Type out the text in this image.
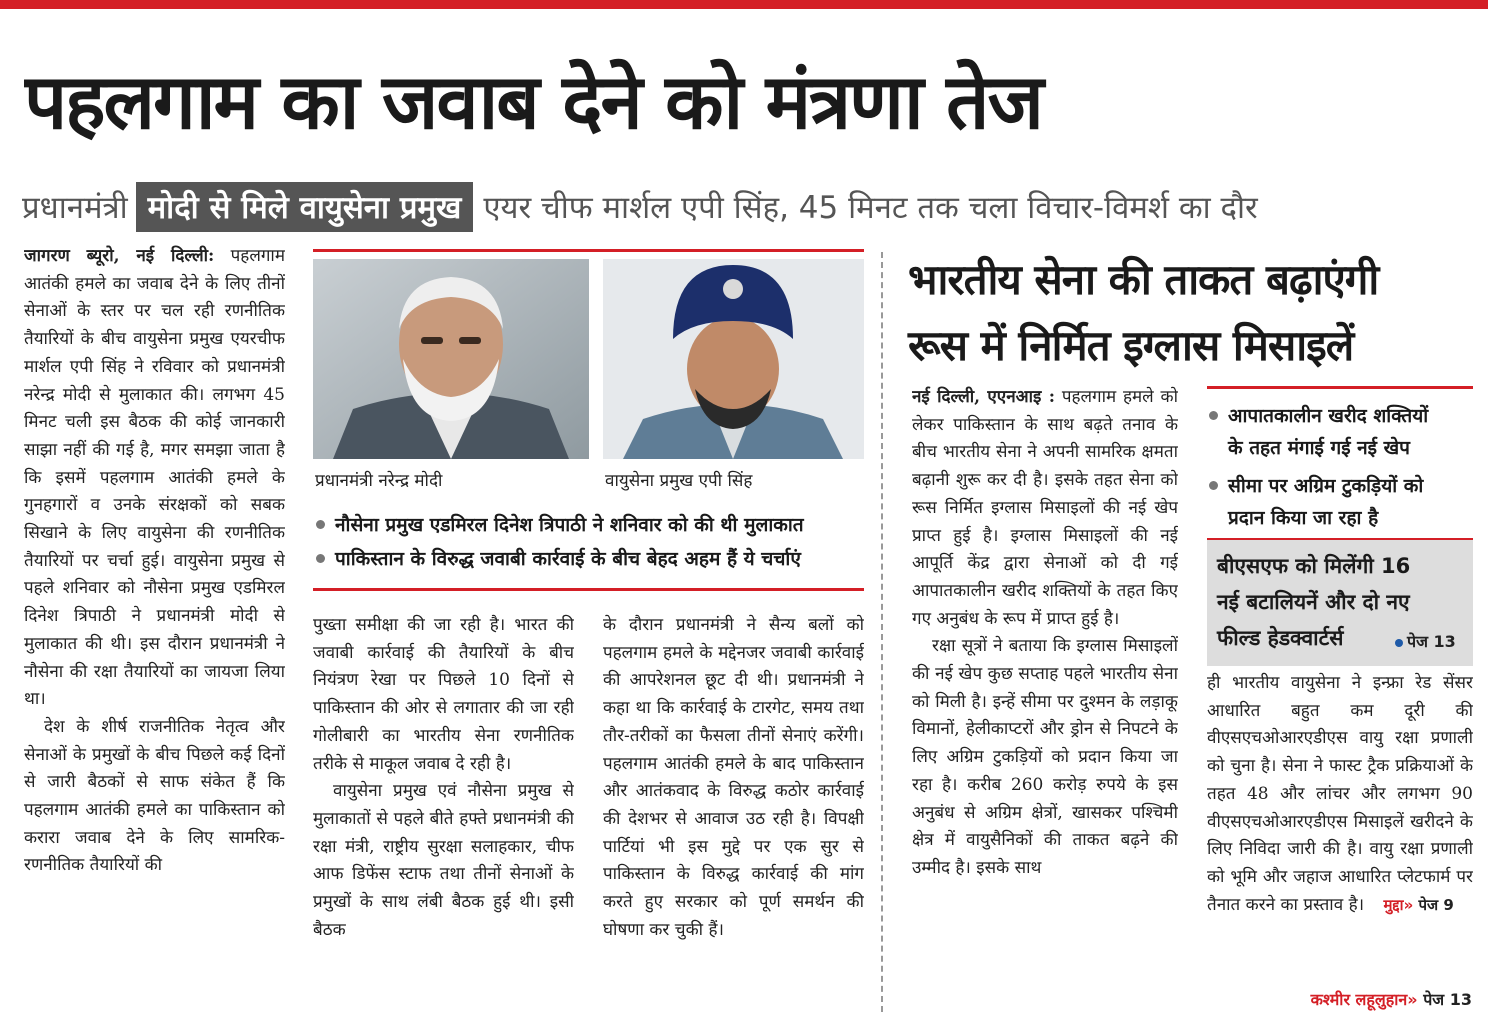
पहलगाम का जवाब देने को मंत्रणा तेज
प्रधानमंत्री मोदी से मिले वायुसेना प्रमुख एयर चीफ मार्शल एपी सिंह, 45 मिनट तक चला विचार-विमर्श का दौर

जागरण ब्यूरो, नई दिल्ली: पहलगाम आतंकी हमले का जवाब देने के लिए तीनों सेनाओं के स्तर पर चल रही रणनीतिक तैयारियों के बीच वायुसेना प्रमुख एयरचीफ मार्शल एपी सिंह ने रविवार को प्रधानमंत्री नरेन्द्र मोदी से मुलाकात की। लगभग 45 मिनट चली इस बैठक की कोई जानकारी साझा नहीं की गई है, मगर समझा जाता है कि इसमें पहलगाम आतंकी हमले के गुनहगारों व उनके संरक्षकों को सबक सिखाने के लिए वायुसेना की रणनीतिक तैयारियों पर चर्चा हुई। वायुसेना प्रमुख से पहले शनिवार को नौसेना प्रमुख एडमिरल दिनेश त्रिपाठी ने प्रधानमंत्री मोदी से मुलाकात की थी। इस दौरान प्रधानमंत्री ने नौसेना की रक्षा तैयारियों का जायजा लिया था।

देश के शीर्ष राजनीतिक नेतृत्व और सेनाओं के प्रमुखों के बीच पिछले कई दिनों से जारी बैठकों से साफ संकेत हैं कि पहलगाम आतंकी हमले का पाकिस्तान को करारा जवाब देने के लिए सामरिक-रणनीतिक तैयारियों की

प्रधानमंत्री नरेन्द्र मोदी	वायुसेना प्रमुख एपी सिंह
नौसेना प्रमुख एडमिरल दिनेश त्रिपाठी ने शनिवार को की थी मुलाकात
पाकिस्तान के विरुद्ध जवाबी कार्रवाई के बीच बेहद अहम हैं ये चर्चाएं

पुख्ता समीक्षा की जा रही है। भारत की जवाबी कार्रवाई की तैयारियों के बीच नियंत्रण रेखा पर पिछले 10 दिनों से पाकिस्तान की ओर से लगातार की जा रही गोलीबारी का भारतीय सेना रणनीतिक तरीके से माकूल जवाब दे रही है।

वायुसेना प्रमुख एवं नौसेना प्रमुख से मुलाकातों से पहले बीते हफ्ते प्रधानमंत्री की रक्षा मंत्री, राष्ट्रीय सुरक्षा सलाहकार, चीफ आफ डिफेंस स्टाफ तथा तीनों सेनाओं के प्रमुखों के साथ लंबी बैठक हुई थी। इसी बैठक

के दौरान प्रधानमंत्री ने सैन्य बलों को पहलगाम हमले के मद्देनजर जवाबी कार्रवाई की आपरेशनल छूट दी थी। प्रधानमंत्री ने कहा था कि कार्रवाई के टारगेट, समय तथा तौर-तरीकों का फैसला तीनों सेनाएं करेंगी। पहलगाम आतंकी हमले के बाद पाकिस्तान और आतंकवाद के विरुद्ध कठोर कार्रवाई की देशभर से आवाज उठ रही है। विपक्षी पार्टियां भी इस मुद्दे पर एक सुर से पाकिस्तान के विरुद्ध कार्रवाई की मांग करते हुए सरकार को पूर्ण समर्थन की घोषणा कर चुकी हैं।

भारतीय सेना की ताकत बढ़ाएंगी
रूस में निर्मित इग्लास मिसाइलें

नई दिल्ली, एएनआइ : पहलगाम हमले को लेकर पाकिस्तान के साथ बढ़ते तनाव के बीच भारतीय सेना ने अपनी सामरिक क्षमता बढ़ानी शुरू कर दी है। इसके तहत सेना को रूस निर्मित इग्लास मिसाइलों की नई खेप प्राप्त हुई है। इग्लास मिसाइलों की नई आपूर्ति केंद्र द्वारा सेनाओं को दी गई आपातकालीन खरीद शक्तियों के तहत किए गए अनुबंध के रूप में प्राप्त हुई है।

रक्षा सूत्रों ने बताया कि इग्लास मिसाइलों की नई खेप कुछ सप्ताह पहले भारतीय सेना को मिली है। इन्हें सीमा पर दुश्मन के लड़ाकू विमानों, हेलीकाप्टरों और ड्रोन से निपटने के लिए अग्रिम टुकड़ियों को प्रदान किया जा रहा है। करीब 260 करोड़ रुपये के इस अनुबंध से अग्रिम क्षेत्रों, खासकर पश्चिमी क्षेत्र में वायुसैनिकों की ताकत बढ़ने की उम्मीद है। इसके साथ

आपातकालीन खरीद शक्तियों
के तहत मंगाई गई नई खेप
सीमा पर अग्रिम टुकड़ियों को
प्रदान किया जा रहा है
बीएसएफ को मिलेंगी 16
नई बटालियनें और दो नए
फील्ड हेडक्वार्टर्स	पेज 13

ही भारतीय वायुसेना ने इन्फ्रा रेड सेंसर आधारित बहुत कम दूरी की वीएसएचओआरएडीएस वायु रक्षा प्रणाली को चुना है। सेना ने फास्ट ट्रैक प्रक्रियाओं के तहत 48 और लांचर और लगभग 90 वीएसएचओआरएडीएस मिसाइलें खरीदने के लिए निविदा जारी की है। वायु रक्षा प्रणाली को भूमि और जहाज आधारित प्लेटफार्म पर तैनात करने का प्रस्ताव है। मुद्दा» पेज 9

कश्मीर लहूलुहान» पेज 13
